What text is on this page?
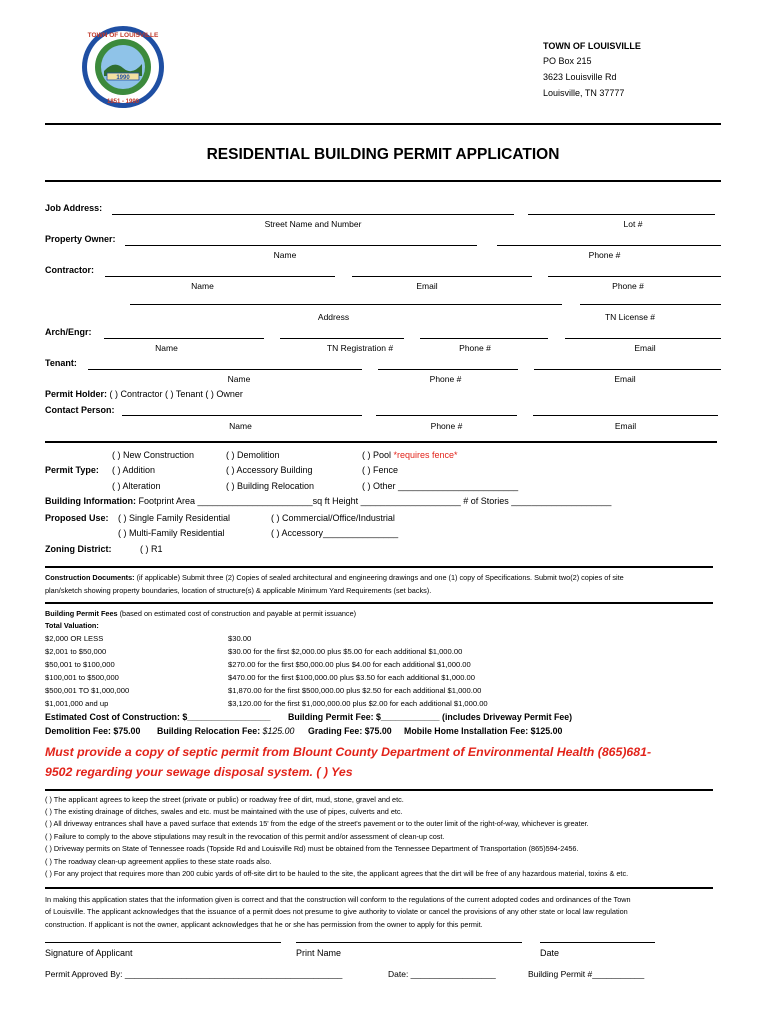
1990
TOWN OF LOUISVILLE
1851 - 1990
TOWN OF LOUISVILLE
PO Box 215
3623 Louisville Rd
Louisville, TN 37777
RESIDENTIAL BUILDING PERMIT APPLICATION
Job Address:
Street Name and Number	Lot #
Property Owner:
Name	Phone #
Contractor:
Name	Email	Phone #
Address	TN License #
Arch/Engr:
Name	TN Registration #	Phone #	Email
Tenant:
Name	Phone #	Email
Permit Holder: ( ) Contractor ( ) Tenant ( ) Owner
Contact Person:
Name	Phone #	Email
( ) New Construction	( ) Demolition	( ) Pool *requires fence*
Permit Type: ( ) Addition	( ) Accessory Building	( ) Fence
( ) Alteration	( ) Building Relocation	( ) Other ________________________
Building Information: Footprint Area _______________________sq ft Height ____________________ # of Stories ____________________
Proposed Use: ( ) Single Family Residential	( ) Commercial/Office/Industrial
( ) Multi-Family Residential	( ) Accessory_______________
Zoning District:	( ) R1
Construction Documents: (if applicable) Submit three (2) Copies of sealed architectural and engineering drawings and one (1) copy of Specifications. Submit two(2) copies of site
plan/sketch showing property boundaries, location of structure(s) & applicable Minimum Yard Requirements (set backs).
Building Permit Fees (based on estimated cost of construction and payable at permit issuance)
Total Valuation:
$2,000 OR LESS	$30.00
$2,001 to $50,000	$30.00 for the first $2,000.00 plus $5.00 for each additional $1,000.00
$50,001 to $100,000	$270.00 for the first $50,000.00 plus $4.00 for each additional $1,000.00
$100,001 to $500,000	$470.00 for the first $100,000.00 plus $3.50 for each additional $1,000.00
$500,001 TO $1,000,000	$1,870.00 for the first $500,000.00 plus $2.50 for each additional $1,000.00
$1,001,000 and up	$3,120.00 for the first $1,000,000.00 plus $2.00 for each additional $1,000.00
Estimated Cost of Construction: $_________________ Building Permit Fee: $____________ (includes Driveway Permit Fee)
Demolition Fee: $75.00 Building Relocation Fee: $125.00 Grading Fee: $75.00 Mobile Home Installation Fee: $125.00
Must provide a copy of septic permit from Blount County Department of Environmental Health (865)681-
9502 regarding your sewage disposal system. ( ) Yes
( ) The applicant agrees to keep the street (private or public) or roadway free of dirt, mud, stone, gravel and etc.
( ) The existing drainage of ditches, swales and etc. must be maintained with the use of pipes, culverts and etc.
( ) All driveway entrances shall have a paved surface that extends 15' from the edge of the street's pavement or to the outer limit of the right-of-way, whichever is greater.
( ) Failure to comply to the above stipulations may result in the revocation of this permit and/or assessment of clean-up cost.
( ) Driveway permits on State of Tennessee roads (Topside Rd and Louisville Rd) must be obtained from the Tennessee Department of Transportation (865)594-2456.
( ) The roadway clean-up agreement applies to these state roads also.
( ) For any project that requires more than 200 cubic yards of off-site dirt to be hauled to the site, the applicant agrees that the dirt will be free of any hazardous material, toxins & etc.
In making this application states that the information given is correct and that the construction will conform to the regulations of the current adopted codes and ordinances of the Town
of Louisville. The applicant acknowledges that the issuance of a permit does not presume to give authority to violate or cancel the provisions of any other state or local law regulation
construction. If applicant is not the owner, applicant acknowledges that he or she has permission from the owner to apply for this permit.
Signature of Applicant	Print Name	Date
Permit Approved By: ______________________________________________	Date: __________________	Building Permit #___________
